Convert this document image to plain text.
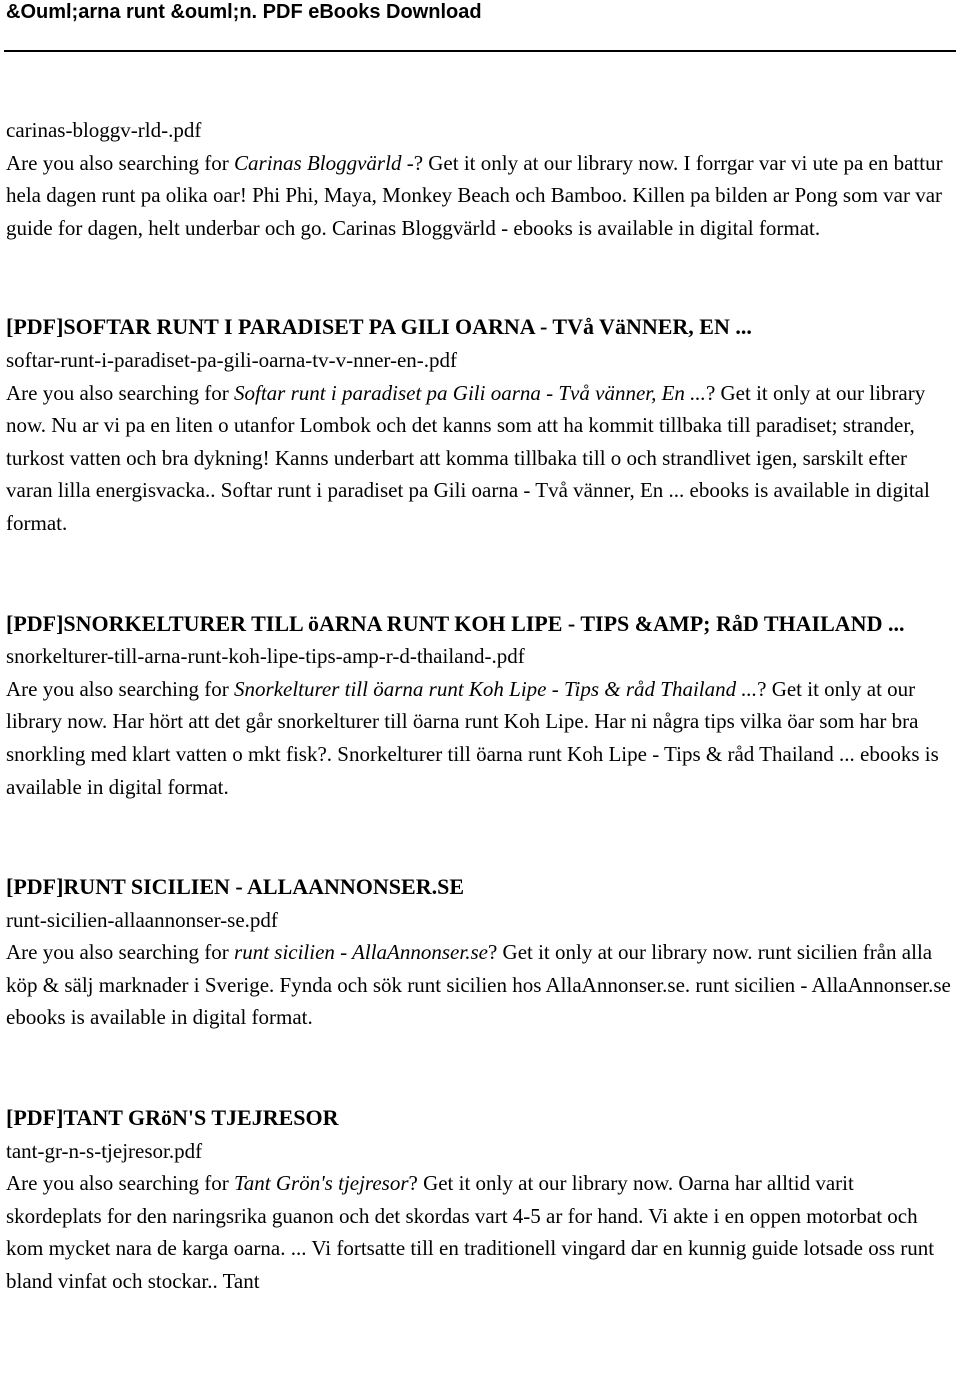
&Ouml;arna runt &ouml;n. PDF eBooks Download

carinas-bloggv-rld-.pdf

Are you also searching for Carinas Bloggvärld -? Get it only at our library now. I forrgar var vi ute pa en battur hela dagen runt pa olika oar! Phi Phi, Maya, Monkey Beach och Bamboo. Killen pa bilden ar Pong som var var guide for dagen, helt underbar och go. Carinas Bloggvärld - ebooks is available in digital format.

[PDF]SOFTAR RUNT I PARADISET PA GILI OARNA - TVå VäNNER, EN ...

softar-runt-i-paradiset-pa-gili-oarna-tv-v-nner-en-.pdf

Are you also searching for Softar runt i paradiset pa Gili oarna - Två vänner, En ...? Get it only at our library now. Nu ar vi pa en liten o utanfor Lombok och det kanns som att ha kommit tillbaka till paradiset; strander, turkost vatten och bra dykning! Kanns underbart att komma tillbaka till o och strandlivet igen, sarskilt efter varan lilla energisvacka.. Softar runt i paradiset pa Gili oarna - Två vänner, En ... ebooks is available in digital format.

[PDF]SNORKELTURER TILL öARNA RUNT KOH LIPE - TIPS &AMP; RåD THAILAND ...

snorkelturer-till-arna-runt-koh-lipe-tips-amp-r-d-thailand-.pdf

Are you also searching for Snorkelturer till öarna runt Koh Lipe - Tips & råd Thailand ...? Get it only at our library now. Har hört att det går snorkelturer till öarna runt Koh Lipe. Har ni några tips vilka öar som har bra snorkling med klart vatten o mkt fisk?. Snorkelturer till öarna runt Koh Lipe - Tips & råd Thailand ... ebooks is available in digital format.

[PDF]RUNT SICILIEN - ALLAANNONSER.SE

runt-sicilien-allaannonser-se.pdf

Are you also searching for runt sicilien - AllaAnnonser.se? Get it only at our library now. runt sicilien från alla köp & sälj marknader i Sverige. Fynda och sök runt sicilien hos AllaAnnonser.se. runt sicilien - AllaAnnonser.se ebooks is available in digital format.

[PDF]TANT GRöN'S TJEJRESOR

tant-gr-n-s-tjejresor.pdf

Are you also searching for Tant Grön's tjejresor? Get it only at our library now. Oarna har alltid varit skordeplats for den naringsrika guanon och det skordas vart 4-5 ar for hand. Vi akte i en oppen motorbat och kom mycket nara de karga oarna. ... Vi fortsatte till en traditionell vingard dar en kunnig guide lotsade oss runt bland vinfat och stockar.. Tant
